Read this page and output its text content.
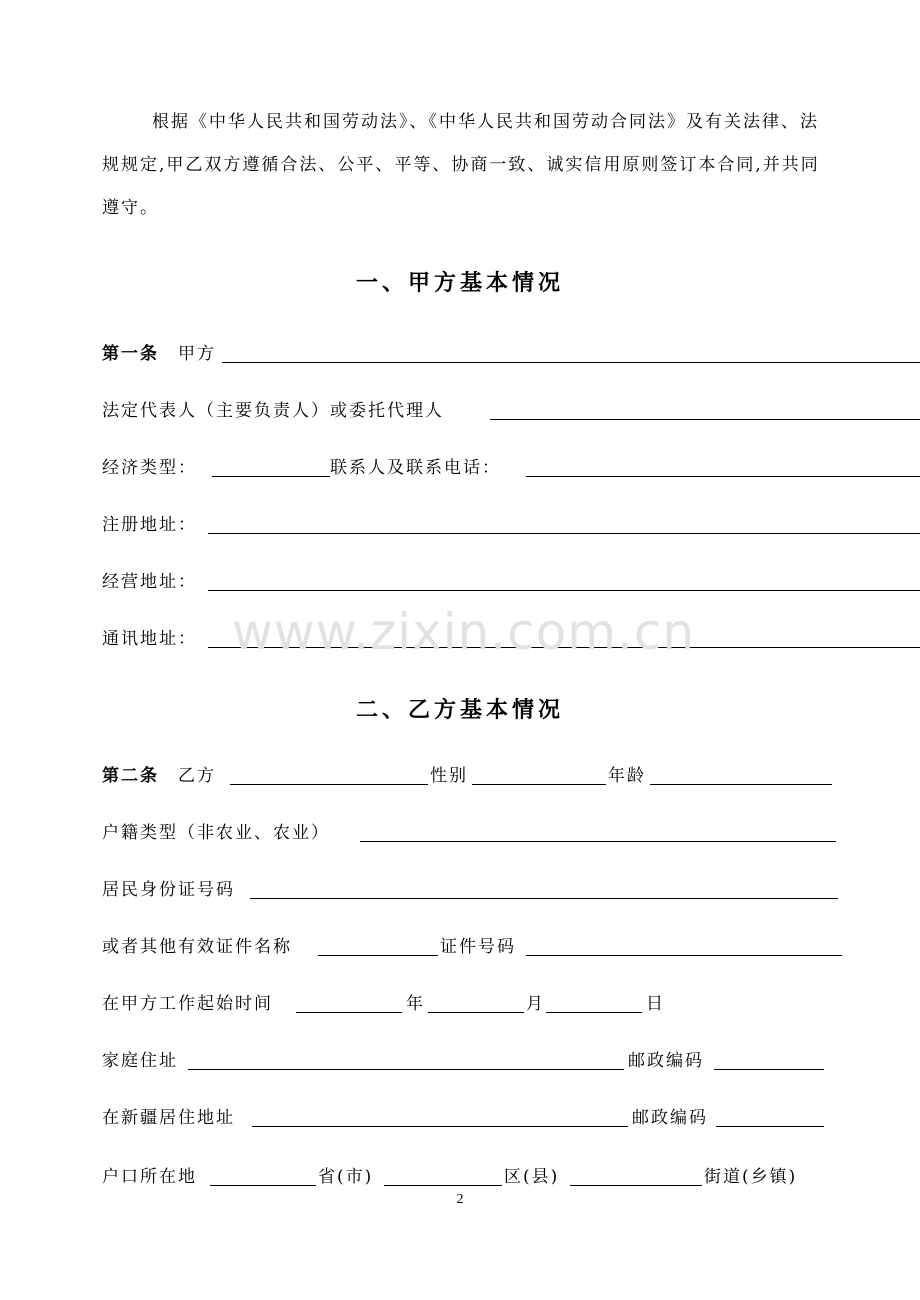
根据《中华人民共和国劳动法》、《中华人民共和国劳动合同法》及有关法律、法规规定,甲乙双方遵循合法、公平、平等、协商一致、诚实信用原则签订本合同,并共同遵守。
一、甲方基本情况
第一条 甲方
法定代表人（主要负责人）或委托代理人
经济类型：	联系人及联系电话：
注册地址：
经营地址：
通讯地址： www.zixin.com.cn
二、乙方基本情况
第二条 乙方	性别	年龄
户籍类型（非农业、农业）
居民身份证号码
或者其他有效证件名称	证件号码
在甲方工作起始时间	年	月	日
家庭住址	邮政编码
在新疆居住地址	邮政编码
户口所在地	省(市)	区(县)	街道(乡镇)
2
